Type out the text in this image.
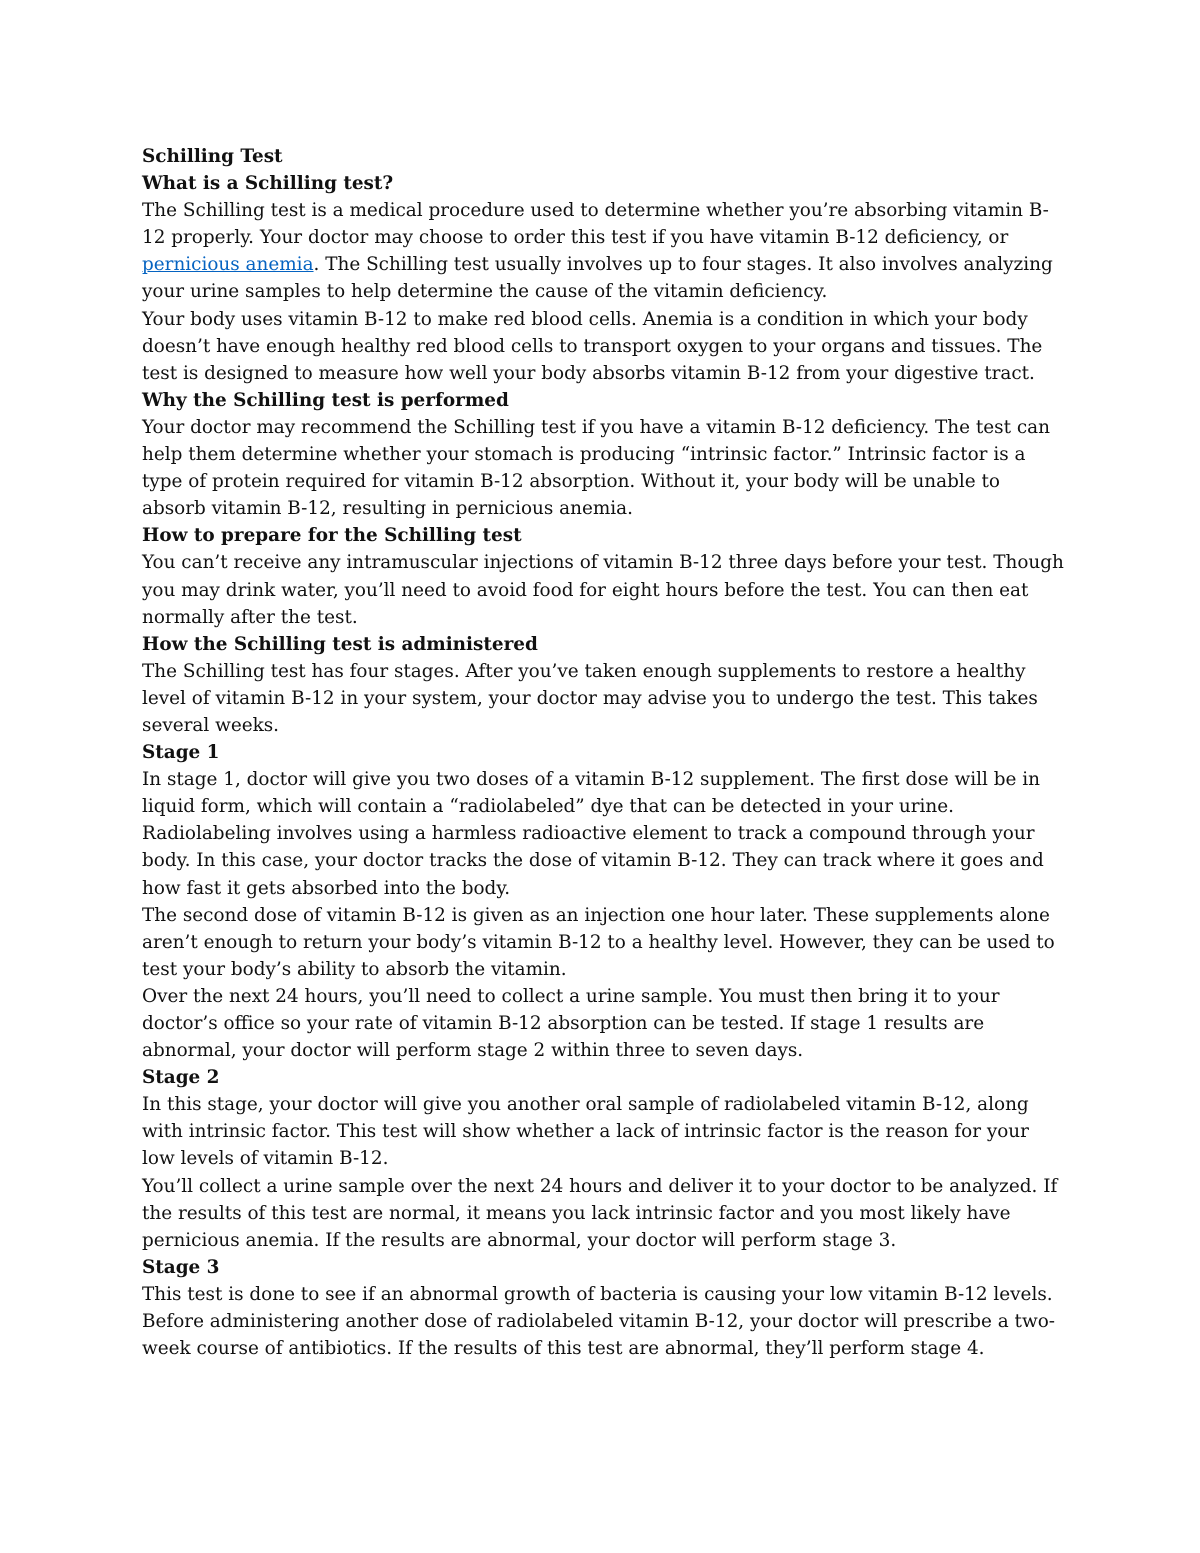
Schilling Test
What is a Schilling test?

The Schilling test is a medical procedure used to determine whether you’re absorbing vitamin B-12 properly. Your doctor may choose to order this test if you have vitamin B-12 deficiency, or pernicious anemia. The Schilling test usually involves up to four stages. It also involves analyzing your urine samples to help determine the cause of the vitamin deficiency.

Your body uses vitamin B-12 to make red blood cells. Anemia is a condition in which your body doesn’t have enough healthy red blood cells to transport oxygen to your organs and tissues. The test is designed to measure how well your body absorbs vitamin B-12 from your digestive tract.

Why the Schilling test is performed

Your doctor may recommend the Schilling test if you have a vitamin B-12 deficiency. The test can help them determine whether your stomach is producing “intrinsic factor.” Intrinsic factor is a type of protein required for vitamin B-12 absorption. Without it, your body will be unable to absorb vitamin B-12, resulting in pernicious anemia.

How to prepare for the Schilling test

You can’t receive any intramuscular injections of vitamin B-12 three days before your test. Though you may drink water, you’ll need to avoid food for eight hours before the test. You can then eat normally after the test.

How the Schilling test is administered

The Schilling test has four stages. After you’ve taken enough supplements to restore a healthy level of vitamin B-12 in your system, your doctor may advise you to undergo the test. This takes several weeks.

Stage 1

In stage 1, doctor will give you two doses of a vitamin B-12 supplement. The first dose will be in liquid form, which will contain a “radiolabeled” dye that can be detected in your urine.

Radiolabeling involves using a harmless radioactive element to track a compound through your body. In this case, your doctor tracks the dose of vitamin B-12. They can track where it goes and how fast it gets absorbed into the body.

The second dose of vitamin B-12 is given as an injection one hour later. These supplements alone aren’t enough to return your body’s vitamin B-12 to a healthy level. However, they can be used to test your body’s ability to absorb the vitamin.

Over the next 24 hours, you’ll need to collect a urine sample. You must then bring it to your doctor’s office so your rate of vitamin B-12 absorption can be tested. If stage 1 results are abnormal, your doctor will perform stage 2 within three to seven days.

Stage 2

In this stage, your doctor will give you another oral sample of radiolabeled vitamin B-12, along with intrinsic factor. This test will show whether a lack of intrinsic factor is the reason for your low levels of vitamin B-12.

You’ll collect a urine sample over the next 24 hours and deliver it to your doctor to be analyzed. If the results of this test are normal, it means you lack intrinsic factor and you most likely have pernicious anemia. If the results are abnormal, your doctor will perform stage 3.

Stage 3

This test is done to see if an abnormal growth of bacteria is causing your low vitamin B-12 levels. Before administering another dose of radiolabeled vitamin B-12, your doctor will prescribe a two-week course of antibiotics. If the results of this test are abnormal, they’ll perform stage 4.
